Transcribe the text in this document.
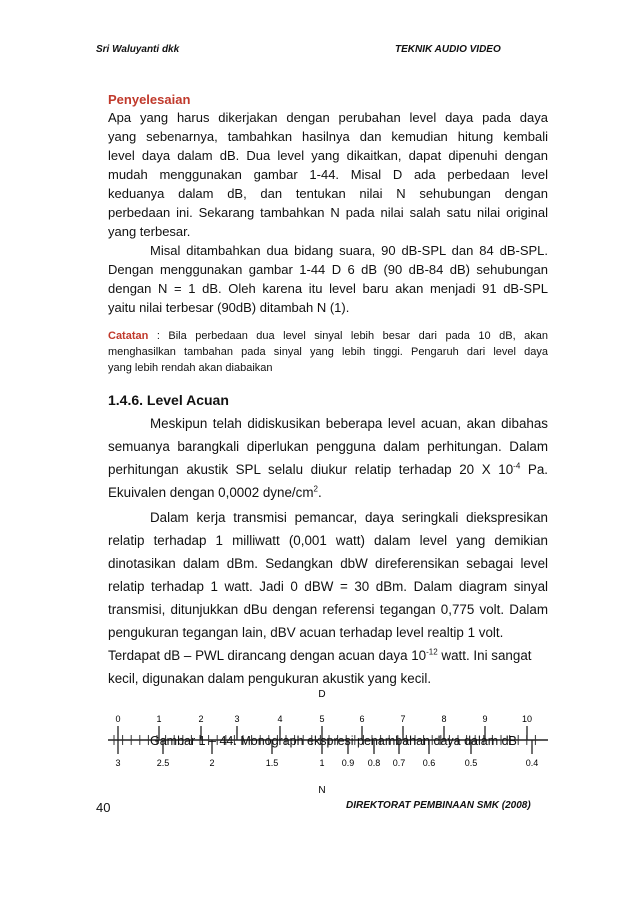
Sri Waluyanti dkk	TEKNIK AUDIO VIDEO
Penyelesaian
Apa yang harus dikerjakan dengan perubahan level daya pada daya
yang sebenarnya, tambahkan hasilnya dan kemudian hitung kembali
level daya dalam dB. Dua level yang dikaitkan, dapat dipenuhi dengan
mudah menggunakan gambar 1-44. Misal D ada perbedaan level
keduanya dalam dB, dan tentukan nilai N sehubungan dengan
perbedaan ini. Sekarang tambahkan N pada nilai salah satu nilai original
yang terbesar.
Misal ditambahkan dua bidang suara, 90 dB-SPL dan 84 dB-SPL.
Dengan menggunakan gambar 1-44 D 6 dB (90 dB-84 dB) sehubungan
dengan N = 1 dB. Oleh karena itu level baru akan menjadi 91 dB-SPL
yaitu nilai terbesar (90dB) ditambah N (1).
Catatan : Bila perbedaan dua level sinyal lebih besar dari pada 10 dB, akan
menghasilkan tambahan pada sinyal yang lebih tinggi. Pengaruh dari level daya
yang lebih rendah akan diabaikan
1.4.6. Level Acuan
Meskipun telah didiskusikan beberapa level acuan, akan dibahas
semuanya barangkali diperlukan pengguna dalam perhitungan. Dalam
perhitungan akustik SPL selalu diukur relatip terhadap 20 X $10^{-4}$ Pa.
Ekuivalen dengan 0,0002 dyne/$cm^2$.
Dalam kerja transmisi pemancar, daya seringkali diekspresikan
relatip terhadap 1 milliwatt (0,001 watt) dalam level yang demikian
dinotasikan dalam dBm. Sedangkan dbW direferensikan sebagai level
relatip terhadap 1 watt. Jadi 0 dBW = 30 dBm. Dalam diagram sinyal
transmisi, ditunjukkan dBu dengan referensi tegangan 0,775 volt. Dalam
pengukuran tegangan lain, dBV acuan terhadap level realtip 1 volt.
Terdapat dB – PWL dirancang dengan acuan daya $10^{-12}$ watt. Ini sangat
kecil, digunakan dalam pengukuran akustik yang kecil.
0	1	2	3	4	5	6	7	8	9	10
3	2.5	2	1.5	1 0.9 0.8 0.7 0.6	0.5	0.4
D
N
Gambar 1 – 44. Monograph ekspresi penambahan daya dalam dB
40	DIREKTORAT PEMBINAAN SMK (2008)
